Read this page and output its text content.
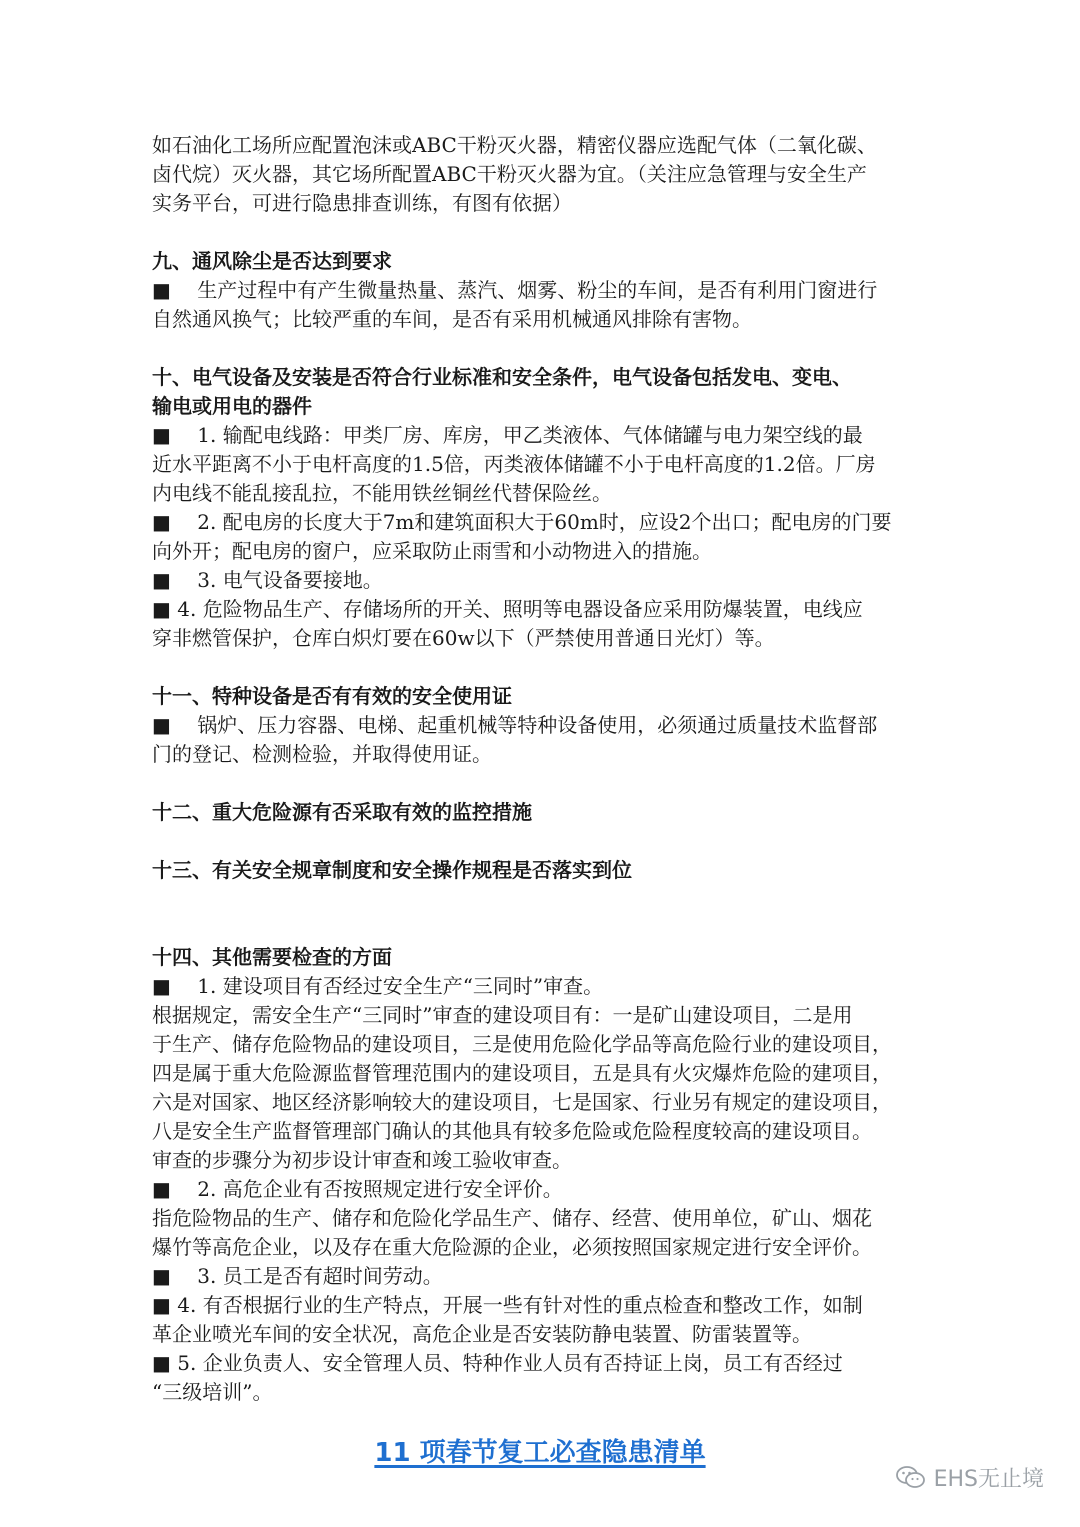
如石油化工场所应配置泡沫或ABC干粉灭火器，精密仪器应选配气体（二氧化碳、

卤代烷）灭火器，其它场所配置ABC干粉灭火器为宜。（关注应急管理与安全生产

实务平台，可进行隐患排查训练，有图有依据）

九、通风除尘是否达到要求

■　 生产过程中有产生微量热量、蒸汽、烟雾、粉尘的车间，是否有利用门窗进行

自然通风换气；比较严重的车间，是否有采用机械通风排除有害物。

十、电气设备及安装是否符合行业标准和安全条件，电气设备包括发电、变电、

输电或用电的器件

■　 1. 输配电线路：甲类厂房、库房，甲乙类液体、气体储罐与电力架空线的最

近水平距离不小于电杆高度的1.5倍，丙类液体储罐不小于电杆高度的1.2倍。厂房

内电线不能乱接乱拉，不能用铁丝铜丝代替保险丝。

■　 2. 配电房的长度大于7m和建筑面积大于60m时，应设2个出口；配电房的门要

向外开；配电房的窗户，应采取防止雨雪和小动物进入的措施。

■　 3. 电气设备要接地。

■ 4. 危险物品生产、存储场所的开关、照明等电器设备应采用防爆装置，电线应

穿非燃管保护，仓库白炽灯要在60w以下（严禁使用普通日光灯）等。

十一、特种设备是否有有效的安全使用证

■　 锅炉、压力容器、电梯、起重机械等特种设备使用，必须通过质量技术监督部

门的登记、检测检验，并取得使用证。

十二、重大危险源有否采取有效的监控措施

十三、有关安全规章制度和安全操作规程是否落实到位

十四、其他需要检查的方面

■　 1. 建设项目有否经过安全生产“三同时”审查。

根据规定，需安全生产“三同时”审查的建设项目有：一是矿山建设项目，二是用

于生产、储存危险物品的建设项目，三是使用危险化学品等高危险行业的建设项目，

四是属于重大危险源监督管理范围内的建设项目，五是具有火灾爆炸危险的建项目，

六是对国家、地区经济影响较大的建设项目，七是国家、行业另有规定的建设项目，

八是安全生产监督管理部门确认的其他具有较多危险或危险程度较高的建设项目。

审查的步骤分为初步设计审查和竣工验收审查。

■　 2. 高危企业有否按照规定进行安全评价。

指危险物品的生产、储存和危险化学品生产、储存、经营、使用单位，矿山、烟花

爆竹等高危企业，以及存在重大危险源的企业，必须按照国家规定进行安全评价。

■　 3. 员工是否有超时间劳动。

■ 4. 有否根据行业的生产特点，开展一些有针对性的重点检查和整改工作，如制

革企业喷光车间的安全状况，高危企业是否安装防静电装置、防雷装置等。

■ 5. 企业负责人、安全管理人员、特种作业人员有否持证上岗，员工有否经过

“三级培训”。

11 项春节复工必查隐患清单
EHS无止境
